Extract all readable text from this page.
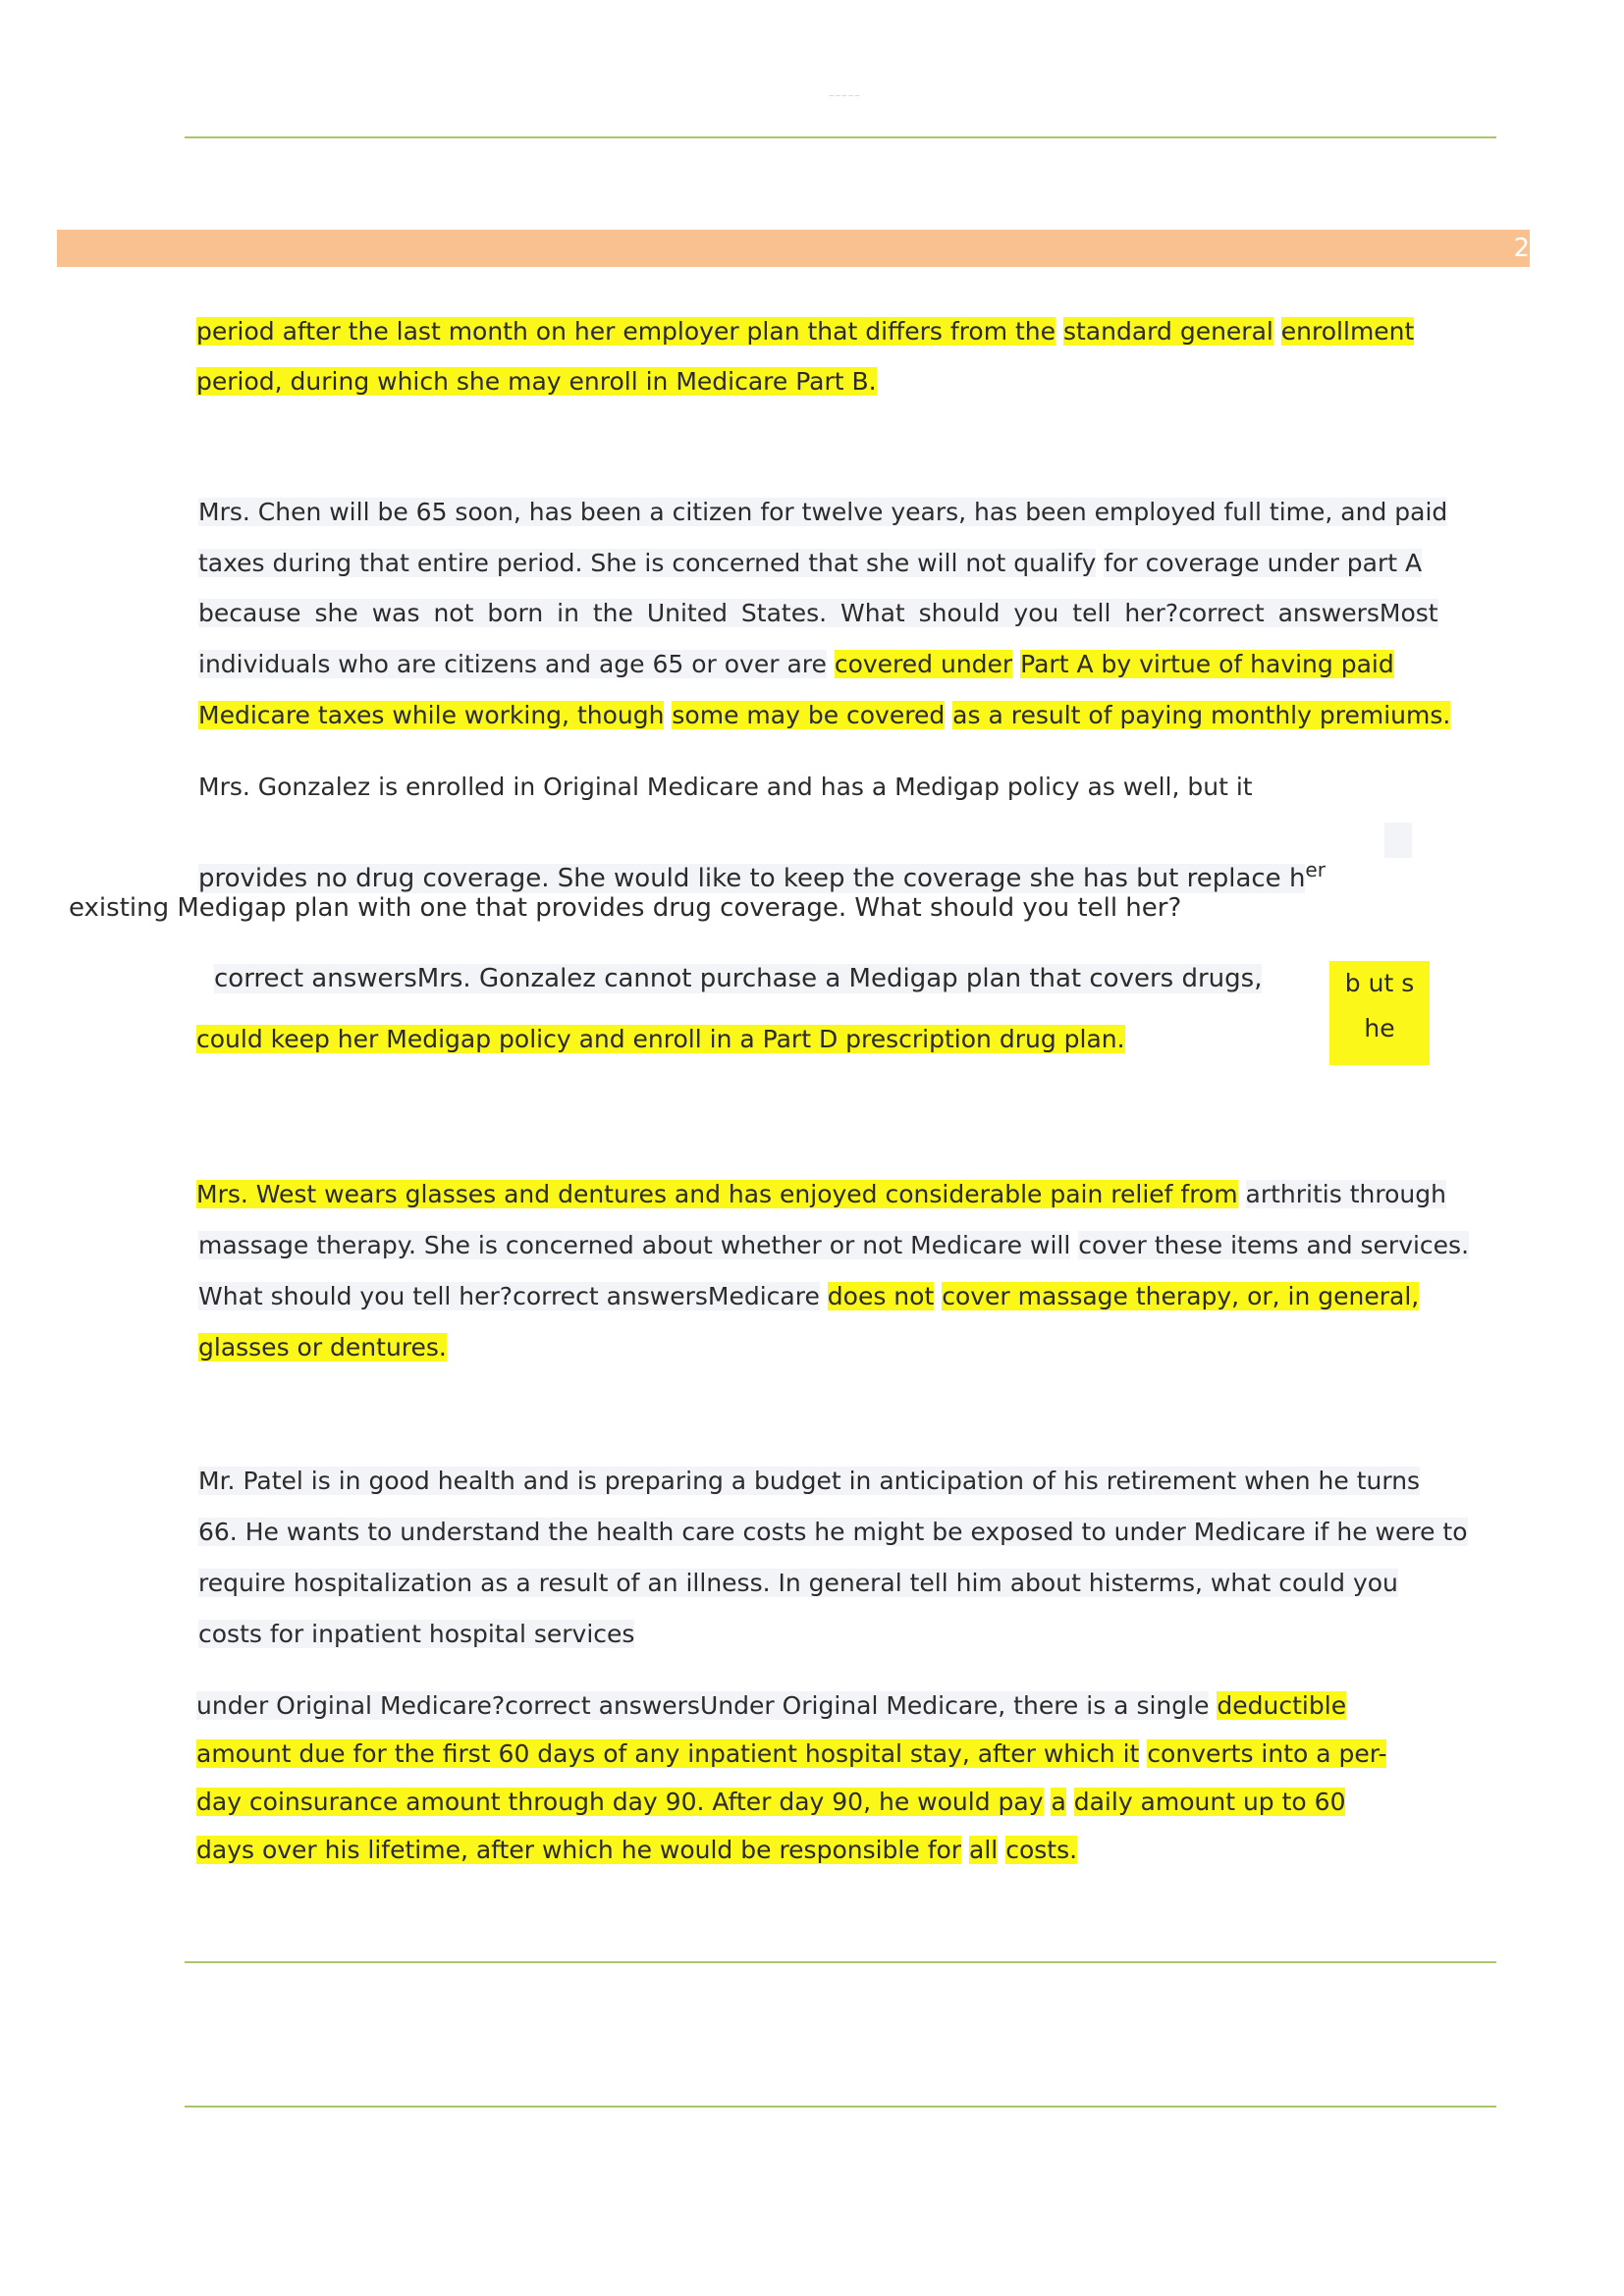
— — — — —
2
period after the last month on her employer plan that differs from the standard general enrollment
period, during which she may enroll in Medicare Part B.
Mrs. Chen will be 65 soon, has been a citizen for twelve years, has been employed full time, and paid
taxes during that entire period. She is concerned that she will not qualify for coverage under part A
because she was not born in the United States. What should you tell her?correct answersMost
individuals who are citizens and age 65 or over are covered under Part A by virtue of having paid
Medicare taxes while working, though some may be covered as a result of paying monthly premiums.
Mrs. Gonzalez is enrolled in Original Medicare and has a Medigap policy as well, but it
provides no drug coverage. She would like to keep the coverage she has but replace $h^{er}$
existing Medigap plan with one that provides drug coverage. What should you tell her?
correct answersMrs. Gonzalez cannot purchase a Medigap plan that covers drugs,	b ut s he
could keep her Medigap policy and enroll in a Part D prescription drug plan.
Mrs. West wears glasses and dentures and has enjoyed considerable pain relief from arthritis through
massage therapy. She is concerned about whether or not Medicare will cover these items and services.
What should you tell her?correct answersMedicare does not cover massage therapy, or, in general,
glasses or dentures.
Mr. Patel is in good health and is preparing a budget in anticipation of his retirement when he turns
66. He wants to understand the health care costs he might be exposed to under Medicare if he were to
require hospitalization as a result of an illness. In general tell him about histerms, what could you
costs for inpatient hospital services
under Original Medicare?correct answersUnder Original Medicare, there is a single deductible
amount due for the first 60 days of any inpatient hospital stay, after which it converts into a per-
day coinsurance amount through day 90. After day 90, he would pay a daily amount up to 60
days over his lifetime, after which he would be responsible for all costs.
